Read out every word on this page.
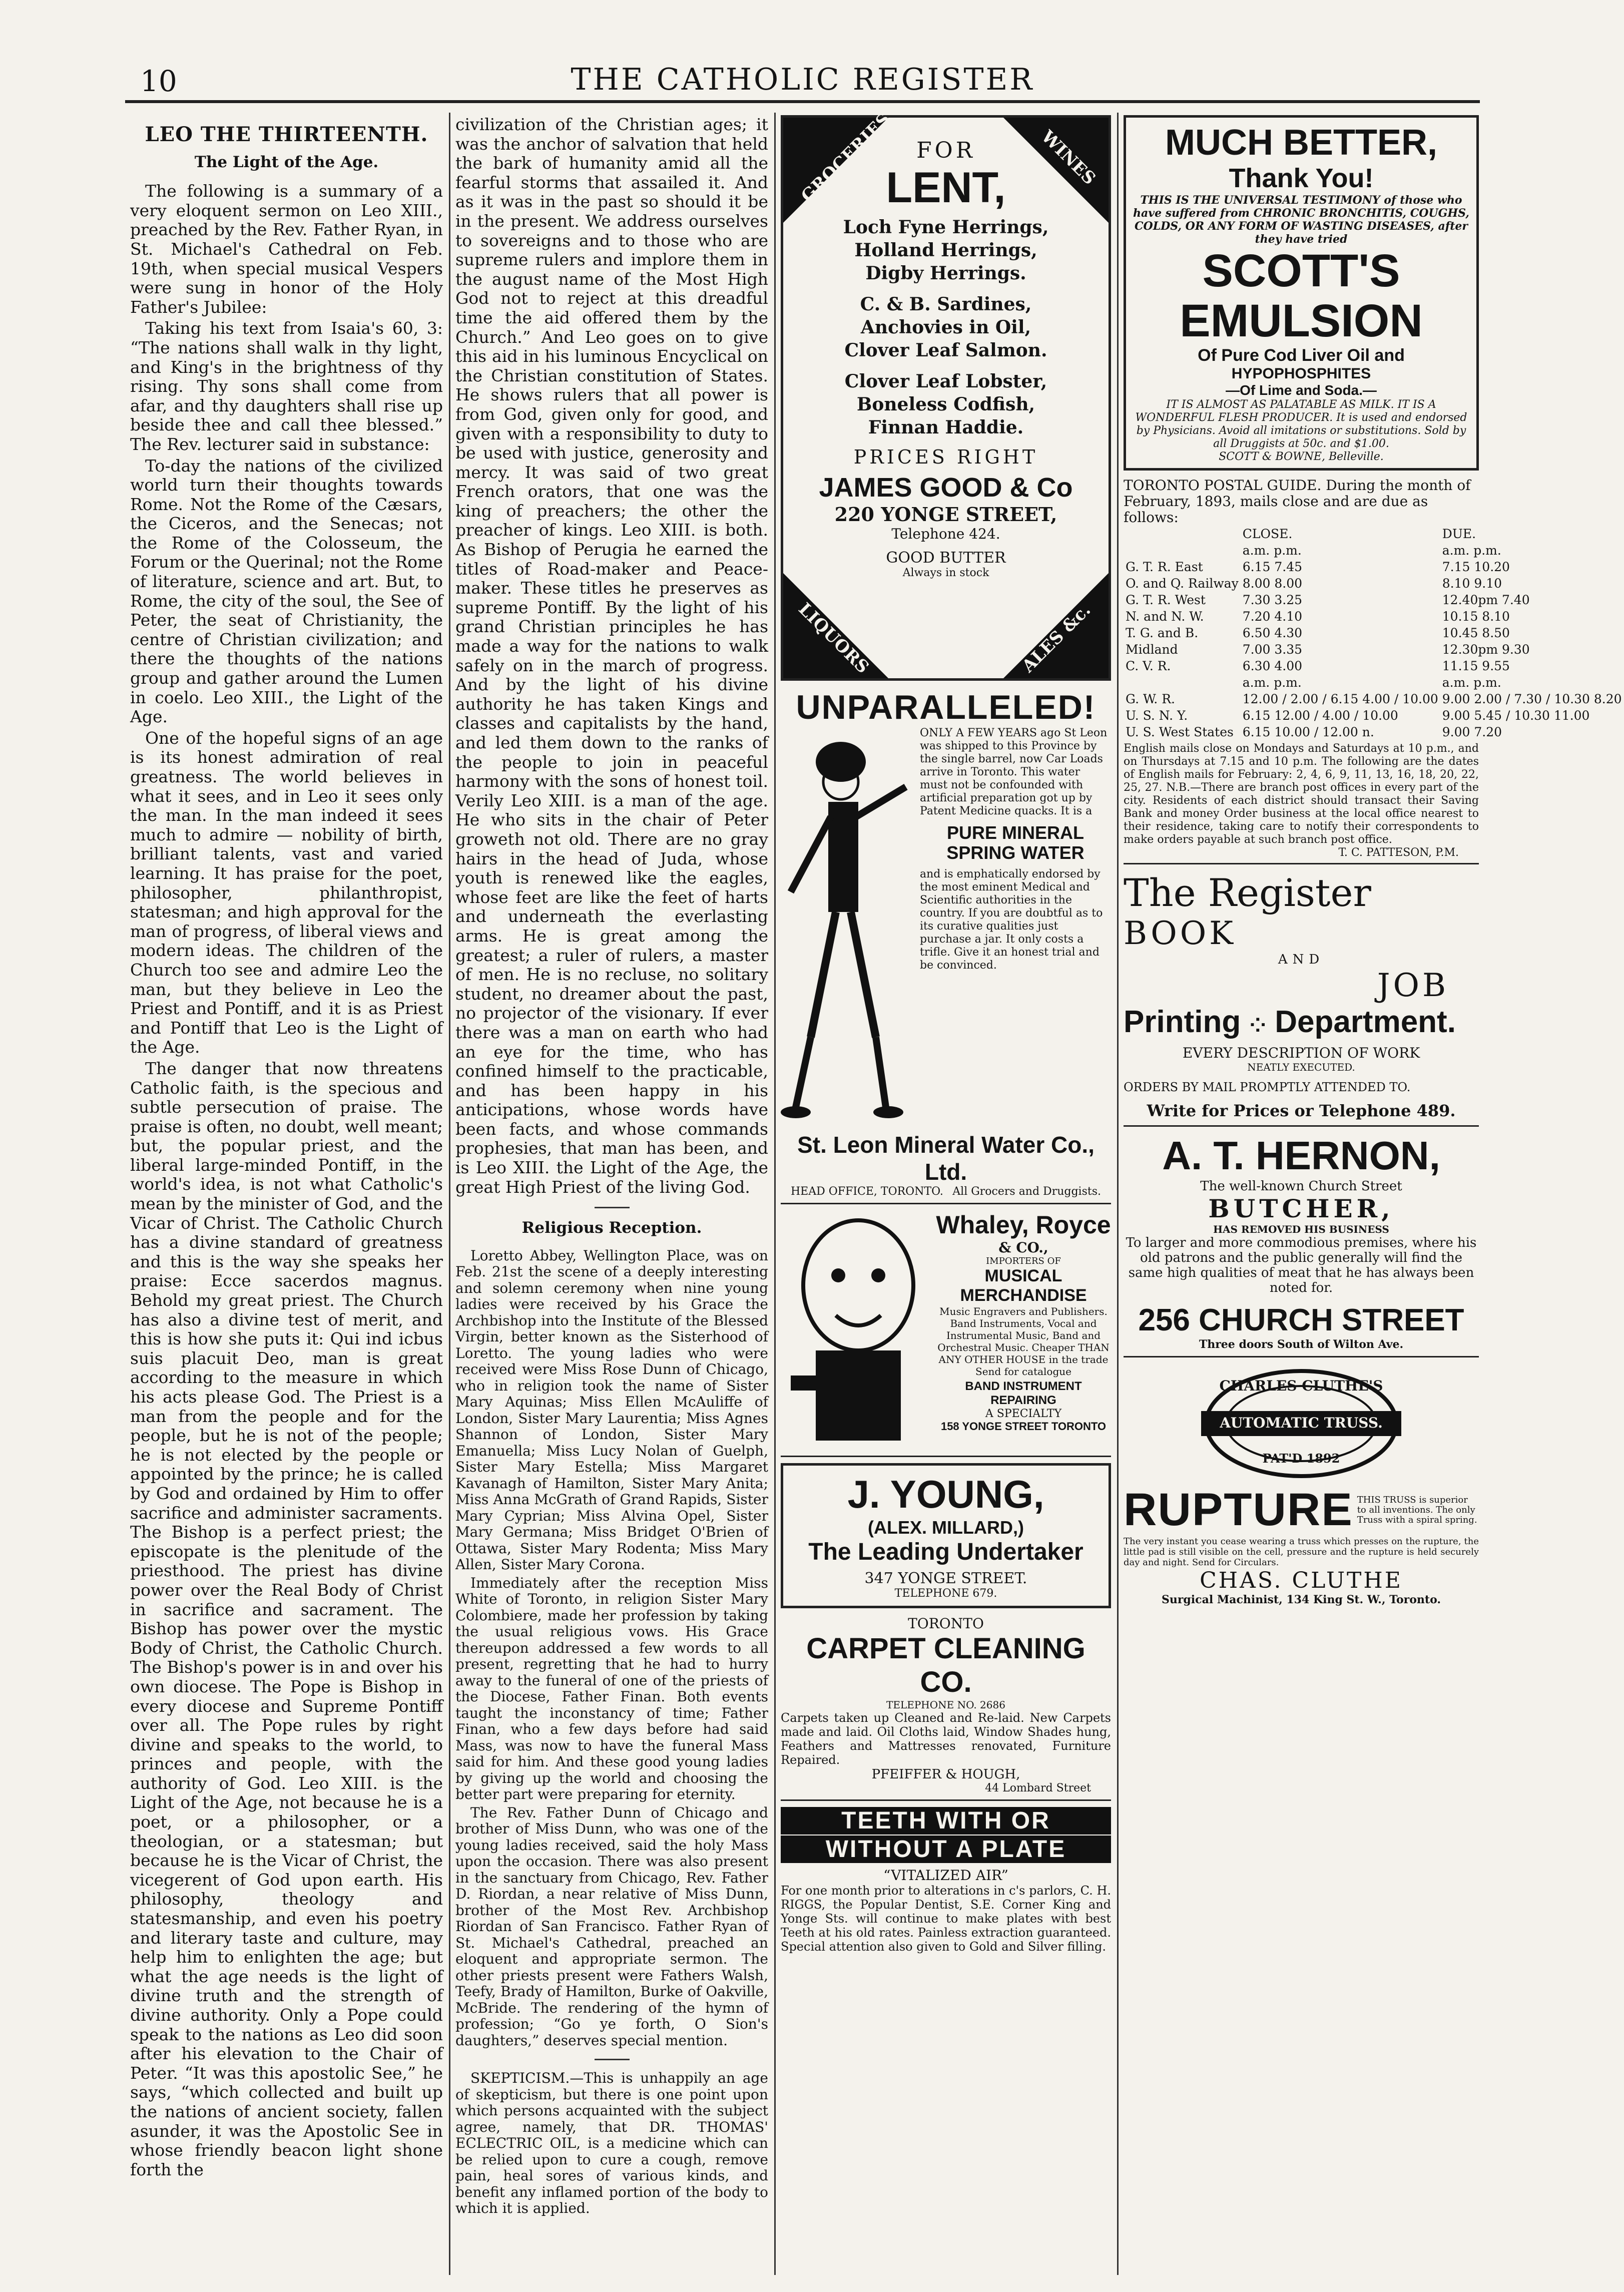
10	THE CATHOLIC REGISTER
LEO THE THIRTEENTH.
The Light of the Age.

The following is a summary of a very eloquent sermon on Leo XIII., preached by the Rev. Father Ryan, in St. Michael's Cathedral on Feb. 19th, when special musical Vespers were sung in honor of the Holy Father's Jubilee:

Taking his text from Isaia's 60, 3: “The nations shall walk in thy light, and King's in the brightness of thy rising. Thy sons shall come from afar, and thy daughters shall rise up beside thee and call thee blessed.” The Rev. lecturer said in substance:

To-day the nations of the civilized world turn their thoughts towards Rome. Not the Rome of the Cæsars, the Ciceros, and the Senecas; not the Rome of the Colosseum, the Forum or the Querinal; not the Rome of literature, science and art. But, to Rome, the city of the soul, the See of Peter, the seat of Christianity, the centre of Christian civilization; and there the thoughts of the nations group and gather around the Lumen in coelo. Leo XIII., the Light of the Age.

One of the hopeful signs of an age is its honest admiration of real greatness. The world believes in what it sees, and in Leo it sees only the man. In the man indeed it sees much to admire — nobility of birth, brilliant talents, vast and varied learning. It has praise for the poet, philosopher, philanthropist, statesman; and high approval for the man of progress, of liberal views and modern ideas. The children of the Church too see and admire Leo the man, but they believe in Leo the Priest and Pontiff, and it is as Priest and Pontiff that Leo is the Light of the Age.

The danger that now threatens Catholic faith, is the specious and subtle persecution of praise. The praise is often, no doubt, well meant; but, the popular priest, and the liberal large-minded Pontiff, in the world's idea, is not what Catholic's mean by the minister of God, and the Vicar of Christ. The Catholic Church has a divine standard of greatness and this is the way she speaks her praise: Ecce sacerdos magnus. Behold my great priest. The Church has also a divine test of merit, and this is how she puts it: Qui ind icbus suis placuit Deo, man is great according to the measure in which his acts please God. The Priest is a man from the people and for the people, but he is not of the people; he is not elected by the people or appointed by the prince; he is called by God and ordained by Him to offer sacrifice and administer sacraments. The Bishop is a perfect priest; the episcopate is the plenitude of the priesthood. The priest has divine power over the Real Body of Christ in sacrifice and sacrament. The Bishop has power over the mystic Body of Christ, the Catholic Church. The Bishop's power is in and over his own diocese. The Pope is Bishop in every diocese and Supreme Pontiff over all. The Pope rules by right divine and speaks to the world, to princes and people, with the authority of God. Leo XIII. is the Light of the Age, not because he is a poet, or a philosopher, or a theologian, or a statesman; but because he is the Vicar of Christ, the vicegerent of God upon earth. His philosophy, theology and statesmanship, and even his poetry and literary taste and culture, may help him to enlighten the age; but what the age needs is the light of divine truth and the strength of divine authority. Only a Pope could speak to the nations as Leo did soon after his elevation to the Chair of Peter. “It was this apostolic See,” he says, “which collected and built up the nations of ancient society, fallen asunder, it was the Apostolic See in whose friendly beacon light shone forth the

civilization of the Christian ages; it was the anchor of salvation that held the bark of humanity amid all the fearful storms that assailed it. And as it was in the past so should it be in the present. We address ourselves to sovereigns and to those who are supreme rulers and implore them in the august name of the Most High God not to reject at this dreadful time the aid offered them by the Church.” And Leo goes on to give this aid in his luminous Encyclical on the Christian constitution of States. He shows rulers that all power is from God, given only for good, and given with a responsibility to duty to be used with justice, generosity and mercy. It was said of two great French orators, that one was the king of preachers; the other the preacher of kings. Leo XIII. is both. As Bishop of Perugia he earned the titles of Road-maker and Peace-maker. These titles he preserves as supreme Pontiff. By the light of his grand Christian principles he has made a way for the nations to walk safely on in the march of progress. And by the light of his divine authority he has taken Kings and classes and capitalists by the hand, and led them down to the ranks of the people to join in peaceful harmony with the sons of honest toil. Verily Leo XIII. is a man of the age. He who sits in the chair of Peter groweth not old. There are no gray hairs in the head of Juda, whose youth is renewed like the eagles, whose feet are like the feet of harts and underneath the everlasting arms. He is great among the greatest; a ruler of rulers, a master of men. He is no recluse, no solitary student, no dreamer about the past, no projector of the visionary. If ever there was a man on earth who had an eye for the time, who has confined himself to the practicable, and has been happy in his anticipations, whose words have been facts, and whose commands prophesies, that man has been, and is Leo XIII. the Light of the Age, the great High Priest of the living God.

Religious Reception.

Loretto Abbey, Wellington Place, was on Feb. 21st the scene of a deeply interesting and solemn ceremony when nine young ladies were received by his Grace the Archbishop into the Institute of the Blessed Virgin, better known as the Sisterhood of Loretto. The young ladies who were received were Miss Rose Dunn of Chicago, who in religion took the name of Sister Mary Aquinas; Miss Ellen McAuliffe of London, Sister Mary Laurentia; Miss Agnes Shannon of London, Sister Mary Emanuella; Miss Lucy Nolan of Guelph, Sister Mary Estella; Miss Margaret Kavanagh of Hamilton, Sister Mary Anita; Miss Anna McGrath of Grand Rapids, Sister Mary Cyprian; Miss Alvina Opel, Sister Mary Germana; Miss Bridget O'Brien of Ottawa, Sister Mary Rodenta; Miss Mary Allen, Sister Mary Corona.

Immediately after the reception Miss White of Toronto, in religion Sister Mary Colombiere, made her profession by taking the usual religious vows. His Grace thereupon addressed a few words to all present, regretting that he had to hurry away to the funeral of one of the priests of the Diocese, Father Finan. Both events taught the inconstancy of time; Father Finan, who a few days before had said Mass, was now to have the funeral Mass said for him. And these good young ladies by giving up the world and choosing the better part were preparing for eternity.

The Rev. Father Dunn of Chicago and brother of Miss Dunn, who was one of the young ladies received, said the holy Mass upon the occasion. There was also present in the sanctuary from Chicago, Rev. Father D. Riordan, a near relative of Miss Dunn, brother of the Most Rev. Archbishop Riordan of San Francisco. Father Ryan of St. Michael's Cathedral, preached an eloquent and appropriate sermon. The other priests present were Fathers Walsh, Teefy, Brady of Hamilton, Burke of Oakville, McBride. The rendering of the hymn of profession; “Go ye forth, O Sion's daughters,” deserves special mention.

SKEPTICISM.—This is unhappily an age of skepticism, but there is one point upon which persons acquainted with the subject agree, namely, that DR. THOMAS' ECLECTRIC OIL, is a medicine which can be relied upon to cure a cough, remove pain, heal sores of various kinds, and benefit any inflamed portion of the body to which it is applied.

GROCERIES	WINES
LIQUORS	ALES &c.
FOR
LENT,
Loch Fyne Herrings,
Holland Herrings,
Digby Herrings.
C. & B. Sardines,
Anchovies in Oil,
Clover Leaf Salmon.
Clover Leaf Lobster,
Boneless Codfish,
Finnan Haddie.
PRICES RIGHT
JAMES GOOD & Co
220 YONGE STREET,
Telephone 424.
GOOD BUTTER
Always in stock
UNPARALLELED!
ONLY A FEW YEARS ago St Leon was shipped to this Province by the single barrel, now Car Loads arrive in Toronto. This water must not be confounded with artificial preparation got up by Patent Medicine quacks. It is a
PURE MINERAL SPRING WATER
and is emphatically endorsed by the most eminent Medical and Scientific authorities in the country. If you are doubtful as to its curative qualities just purchase a jar. It only costs a trifle. Give it an honest trial and be convinced.
St. Leon Mineral Water Co., Ltd.
HEAD OFFICE, TORONTO. All Grocers and Druggists.
Whaley, Royce
& CO.,
IMPORTERS OF
MUSICAL
MERCHANDISE
Music Engravers and Publishers. Band Instruments, Vocal and Instrumental Music, Band and Orchestral Music. Cheaper THAN ANY OTHER HOUSE in the trade Send for catalogue
BAND INSTRUMENT REPAIRING
A SPECIALTY
158 YONGE STREET TORONTO
J. YOUNG,
(ALEX. MILLARD,)
The Leading Undertaker
347 YONGE STREET.
TELEPHONE 679.
TORONTO
CARPET CLEANING CO.
TELEPHONE NO. 2686
Carpets taken up Cleaned and Re-laid. New Carpets made and laid. Oil Cloths laid, Window Shades hung, Feathers and Mattresses renovated, Furniture Repaired.
PFEIFFER & HOUGH,
44 Lombard Street
TEETH WITH OR
WITHOUT A PLATE
“VITALIZED AIR”
For one month prior to alterations in c's parlors, C. H. RIGGS, the Popular Dentist, S.E. Corner King and Yonge Sts. will continue to make plates with best Teeth at his old rates. Painless extraction guaranteed. Special attention also given to Gold and Silver filling.
MUCH BETTER,
Thank You!
THIS IS THE UNIVERSAL TESTIMONY of those who have suffered from CHRONIC BRONCHITIS, COUGHS, COLDS, OR ANY FORM OF WASTING DISEASES, after they have tried
SCOTT'S
EMULSION
Of Pure Cod Liver Oil and
HYPOPHOSPHITES
—Of Lime and Soda.—
IT IS ALMOST AS PALATABLE AS MILK. IT IS A WONDERFUL FLESH PRODUCER. It is used and endorsed by Physicians. Avoid all imitations or substitutions. Sold by all Druggists at 50c. and $1.00.
SCOTT & BOWNE, Belleville.
TORONTO POSTAL GUIDE. During the month of February, 1893, mails close and are due as follows:
	CLOSE.	DUE.
	a.m. p.m.	a.m. p.m.
G. T. R. East	6.15 7.45	7.15 10.20
O. and Q. Railway	8.00 8.00	8.10 9.10
G. T. R. West	7.30 3.25	12.40pm 7.40
N. and N. W.	7.20 4.10	10.15 8.10
T. G. and B.	6.50 4.30	10.45 8.50
Midland	7.00 3.35	12.30pm 9.30
C. V. R.	6.30 4.00	11.15 9.55
	a.m. p.m.	a.m. p.m.
G. W. R.	12.00 / 2.00 / 6.15 4.00 / 10.00	9.00 2.00 / 7.30 / 10.30 8.20
U. S. N. Y.	6.15 12.00 / 4.00 / 10.00	9.00 5.45 / 10.30 11.00
U. S. West States	6.15 10.00 / 12.00 n.	9.00 7.20
English mails close on Mondays and Saturdays at 10 p.m., and on Thursdays at 7.15 and 10 p.m. The following are the dates of English mails for February: 2, 4, 6, 9, 11, 13, 16, 18, 20, 22, 25, 27. N.B.—There are branch post offices in every part of the city. Residents of each district should transact their Saving Bank and money Order business at the local office nearest to their residence, taking care to notify their correspondents to make orders payable at such branch post office.
T. C. PATTESON, P.M.
The Register
BOOK
AND
JOB
Printing ⁘ Department.
EVERY DESCRIPTION OF WORK
NEATLY EXECUTED.
ORDERS BY MAIL PROMPTLY ATTENDED TO.
Write for Prices or Telephone 489.
A. T. HERNON,
The well-known Church Street
BUTCHER,
HAS REMOVED HIS BUSINESS
To larger and more commodious premises, where his old patrons and the public generally will find the same high qualities of meat that he has always been noted for.
256 CHURCH STREET
Three doors South of Wilton Ave.
CHARLES CLUTHE'S
AUTOMATIC TRUSS.
PAT'D 1892
RUPTURE THIS TRUSS is superior to all inventions. The only Truss with a spiral spring.
The very instant you cease wearing a truss which presses on the rupture, the little pad is still visible on the cell, pressure and the rupture is held securely day and night. Send for Circulars.
CHAS. CLUTHE
Surgical Machinist, 134 King St. W., Toronto.
